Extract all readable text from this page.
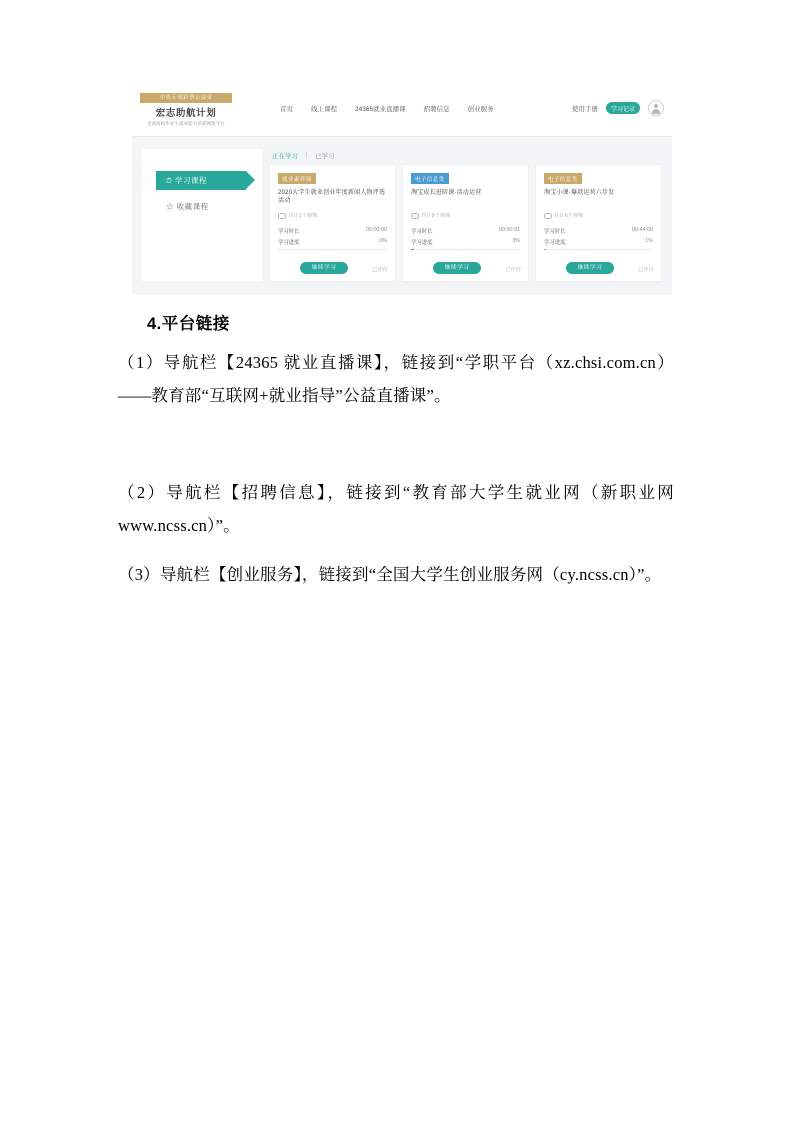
中央专项彩票公益金
宏志助航计划
全国高校毕业生就业能力培训网络平台
首页	线上课程	24365就业直播课	招聘信息	创业服务	使用手册	学习记录
⏱ 学习课程
☆ 收藏课程
正在学习	已学习
就业素养课
2020大学生就业创业年度新闻人物评选活动
共计1个视频
学习时长	00:00:00
学习进度	0%
继续学习	已评价
电子信息类
淘宝成长进阶课·活动运营
共计9个视频
学习时长	00:00:31
学习进度	3%
继续学习	已评价
电子信息类
淘宝小课·爆款运营六步发
共计6个视频
学习时长	00:44:00
学习进度	1%
继续学习	已评价
4.平台链接
（1）导航栏【24365 就业直播课】，链接到“学职平台（xz.chsi.com.cn）——教育部“互联网+就业指导”公益直播课”。
（2）导航栏【招聘信息】，链接到“教育部大学生就业网（新职业网 www.ncss.cn）”。
（3）导航栏【创业服务】，链接到“全国大学生创业服务网（cy.ncss.cn）”。
